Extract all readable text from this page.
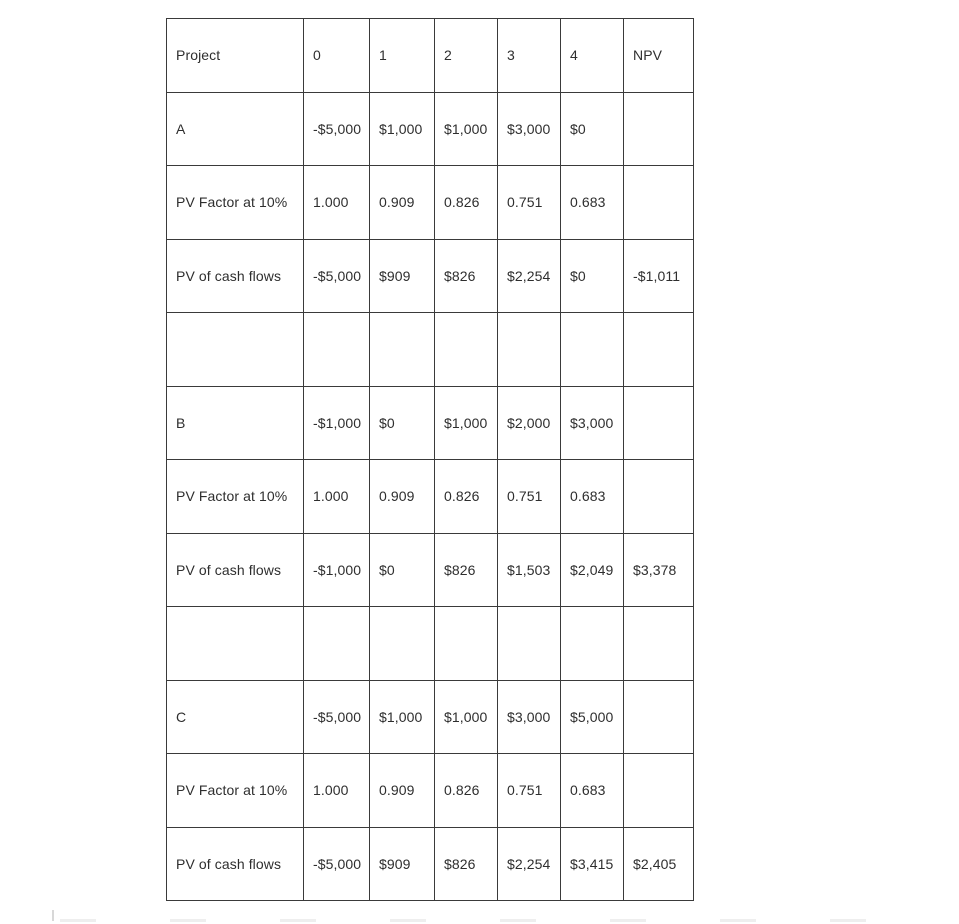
Project	0	1	2	3	4	NPV
A	-$5,000	$1,000	$1,000	$3,000	$0	
PV Factor at 10%	1.000	0.909	0.826	0.751	0.683	
PV of cash flows	-$5,000	$909	$826	$2,254	$0	-$1,011

B	-$1,000	$0	$1,000	$2,000	$3,000	
PV Factor at 10%	1.000	0.909	0.826	0.751	0.683	
PV of cash flows	-$1,000	$0	$826	$1,503	$2,049	$3,378

C	-$5,000	$1,000	$1,000	$3,000	$5,000	
PV Factor at 10%	1.000	0.909	0.826	0.751	0.683	
PV of cash flows	-$5,000	$909	$826	$2,254	$3,415	$2,405
